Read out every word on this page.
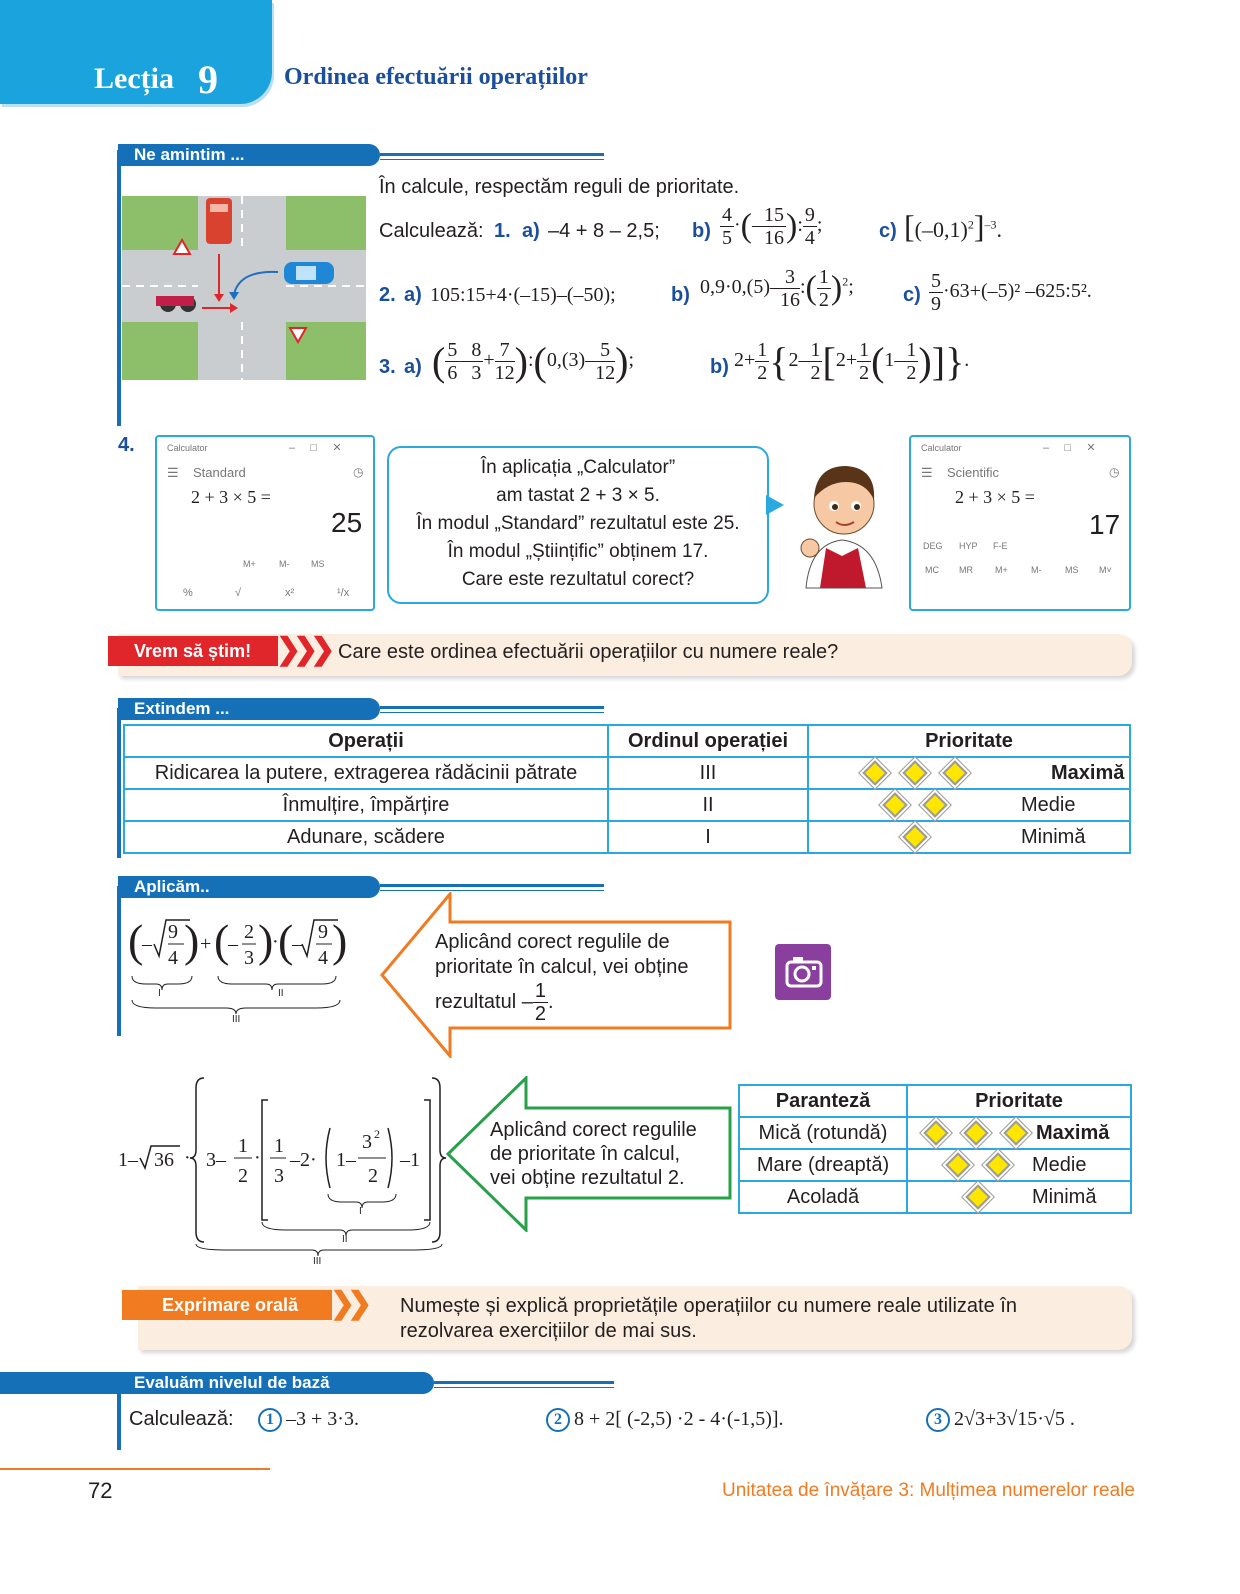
Lecția 9	Ordinea efectuării operațiilor
Ne amintim ...
În calcule, respectăm reguli de prioritate.
Calculează: 1. a) –4 + 8 – 2,5; $b) \frac{4}{5}$ ·(– $\frac{15}{16}$ ): $\frac{9}{4}$ ;	c) $[(-0,1)^2]^{-3}$.
2. a) 105:15+4·(–15)–(–50);	b) $0,9\cdot 0,(5)- \frac{3}{16}$ :( $\frac{1}{2} )^2$; $c) \frac{5}{9} \cdot 63+(-5)^2$ –625:5².
3. a) ( $\frac{5}{6} - \frac{8}{3} + \frac{7}{12}$ ):(0,(3)– $\frac{5}{12}$ );	b) $2+ \frac{1}{2} \{2- \frac{1}{2} [2+ \frac{1}{2} (1- \frac{1}{2}$ )]}.
4.	Calculator	–     □     ✕
☰ Standard	◷
2 + 3 × 5 =
25
M+	M- MS
%	√	x²	¹/x
În aplicația „Calculator”
am tastat 2 + 3 × 5.
În modul „Standard” rezultatul este 25.
În modul „Științific” obținem 17.
Care este rezultatul corect?
Calculator	–     □     ✕
☰ Scientific	◷
2 + 3 × 5 =
17
DEG HYP F-E
MC MR M+	M-	MS M˅
Vrem să știm! ❯❯❯ Care este ordinea efectuării operațiilor cu numere reale?
Extindem ...
Operații	Ordinul operației	Prioritate
Ridicarea la putere, extragerea rădăcinii pătrate	III	Maximă
Înmulțire, împărțire	II	Medie
Adunare, scădere	I	Minimă
Aplicăm..
(
–
9
4 ) + (
–
2
3 )
· (
–
9
4 )
I	II
III
Aplicând corect regulile de
prioritate în calcul, vei obține
rezultatul – $\frac{1}{2}$ .
1– 36 · 3–
1
2
·
1
3
–2· 1–
3 2
2
–1
I
II
III
Aplicând corect regulile
de prioritate în calcul,
vei obține rezultatul 2.
Paranteză	Prioritate
Mică (rotundă)	Maximă
Mare (dreaptă)	Medie
Acoladă	Minimă
Exprimare orală	❯❯ Numește și explică proprietățile operațiilor cu numere reale utilizate în
rezolvarea exercițiilor de mai sus.
Evaluăm nivelul de bază
Calculează:	1 –3 + 3·3.	2 8 + 2[ (-2,5) ·2 - 4·(-1,5)].	3 2√3+3√15·√5 .
72	Unitatea de învățare 3: Mulțimea numerelor reale
